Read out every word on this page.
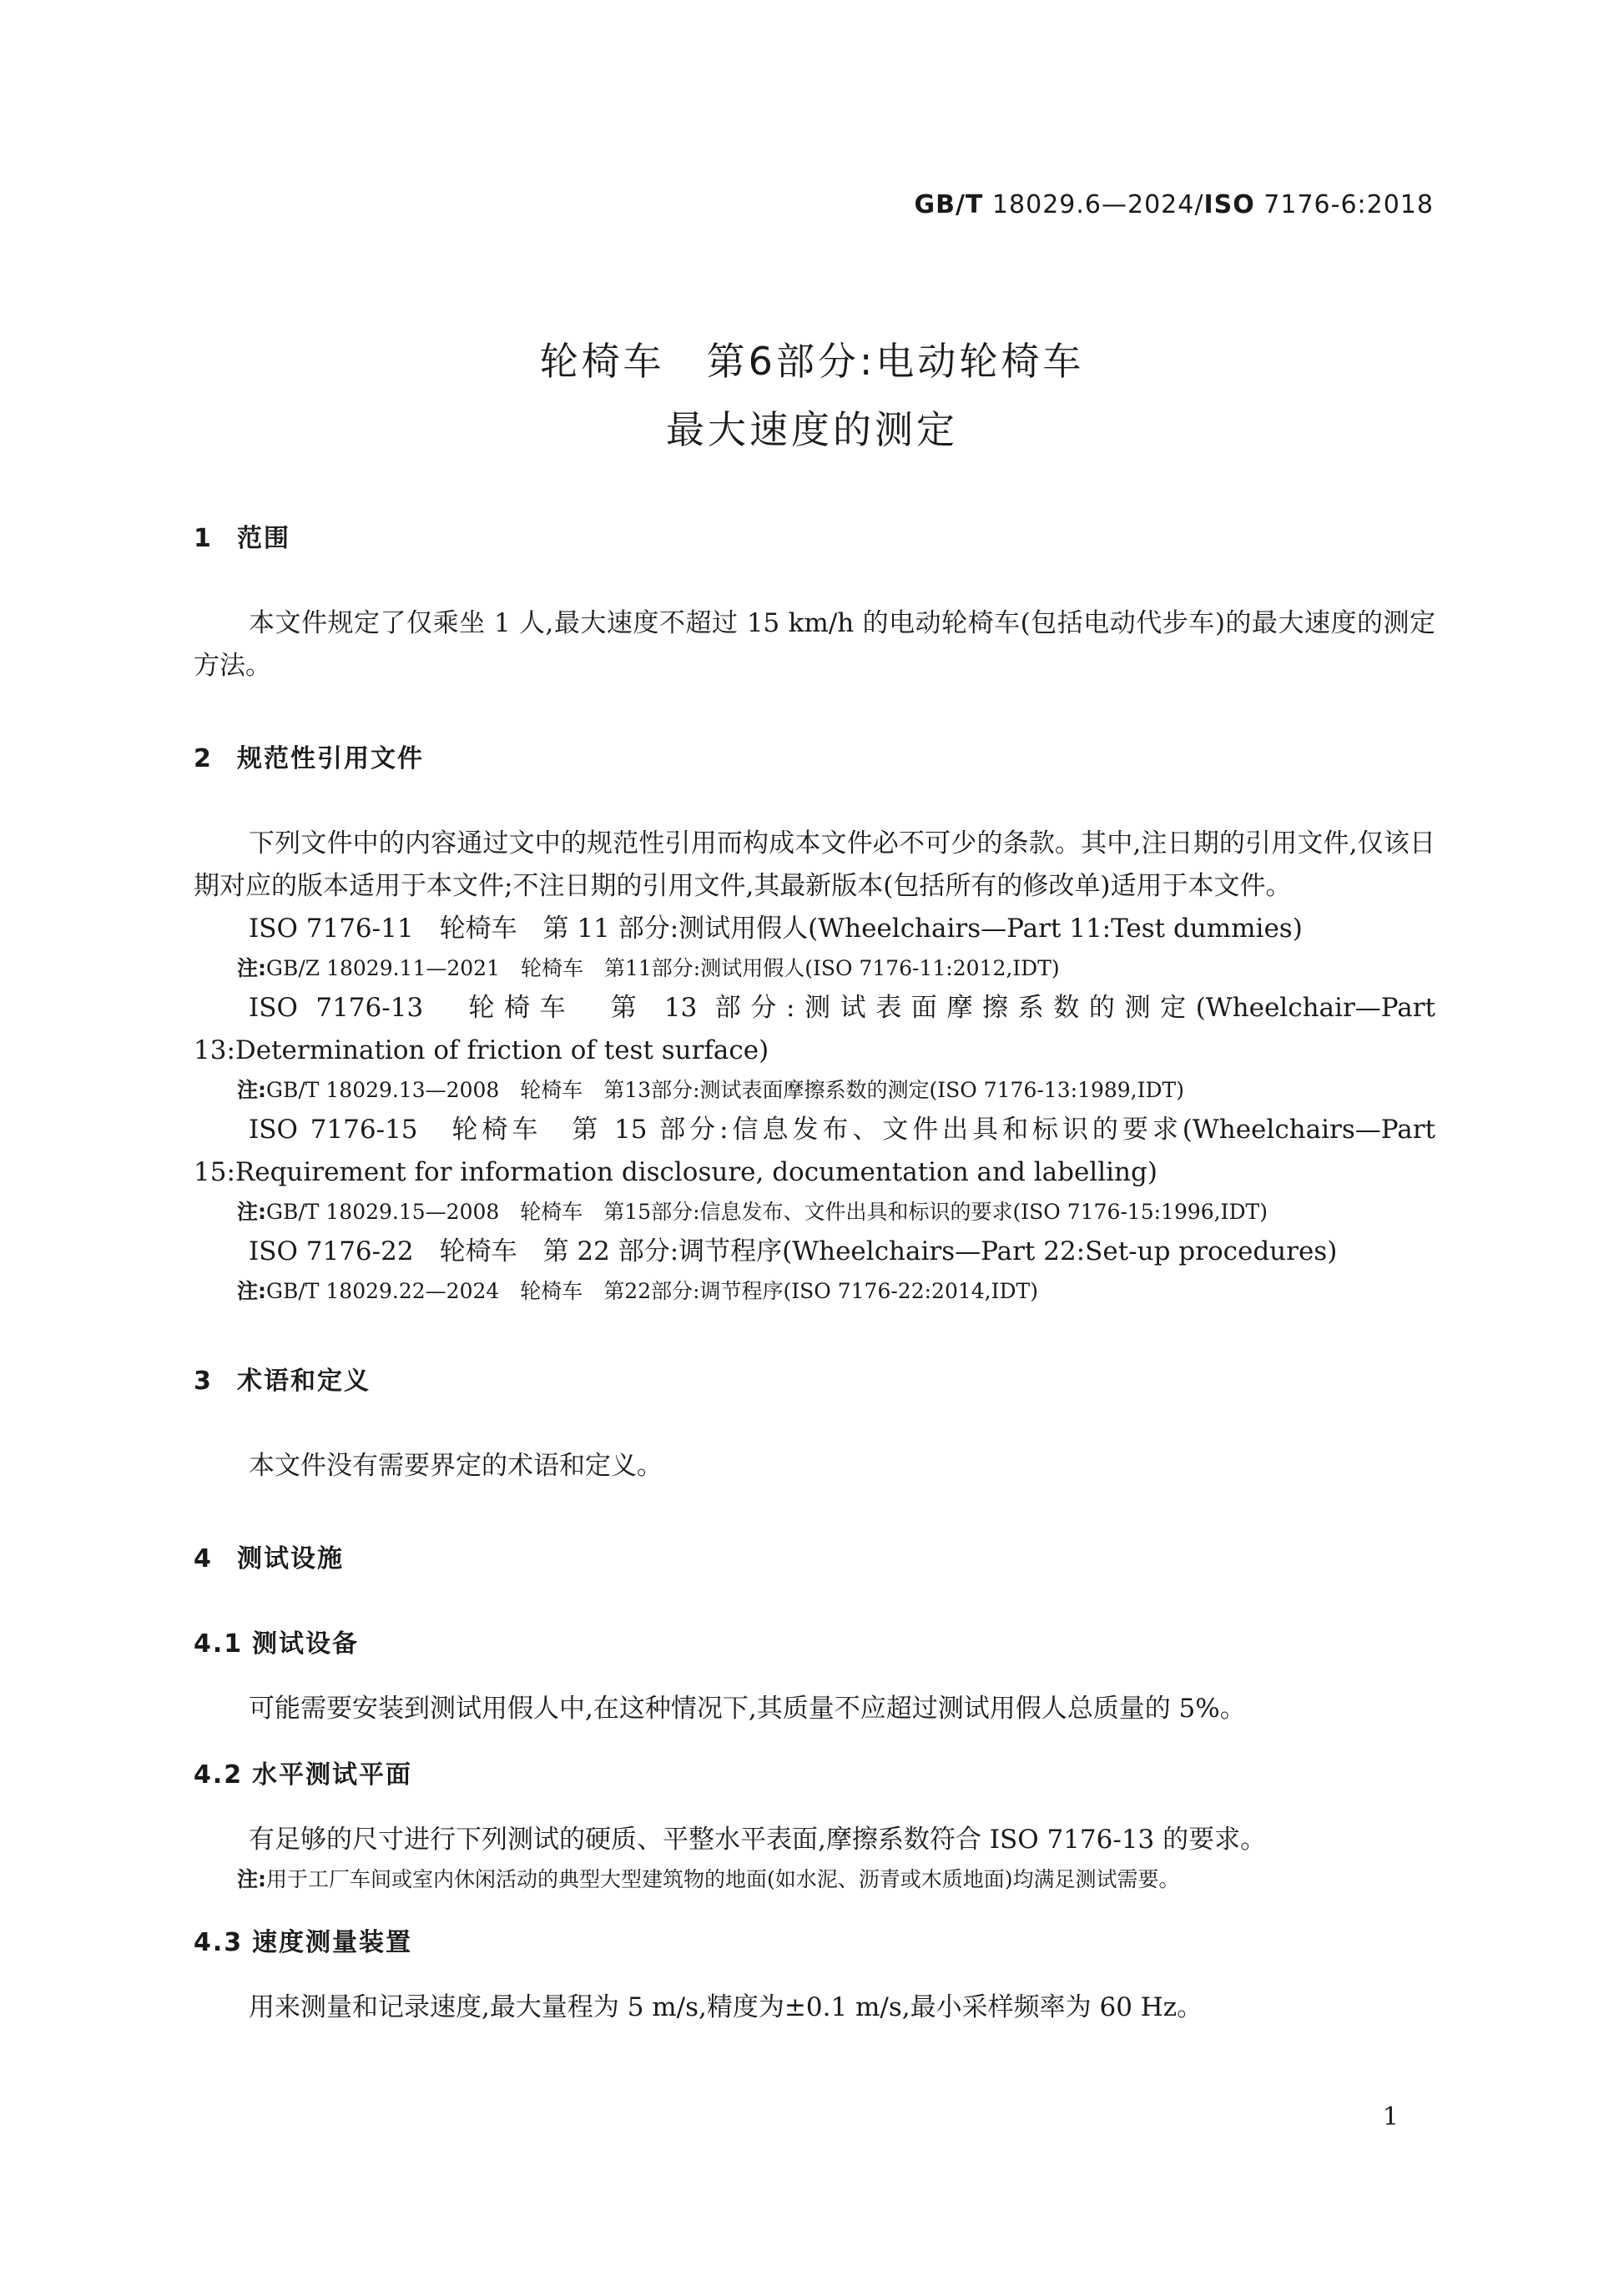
GB/T 18029.6—2024/ISO 7176-6:2018
轮椅车　第6部分:电动轮椅车
最大速度的测定
1 范围

本文件规定了仅乘坐 1 人,最大速度不超过 15 km/h 的电动轮椅车(包括电动代步车)的最大速度的测定方法。

2 规范性引用文件

下列文件中的内容通过文中的规范性引用而构成本文件必不可少的条款。其中,注日期的引用文件,仅该日期对应的版本适用于本文件;不注日期的引用文件,其最新版本(包括所有的修改单)适用于本文件。

ISO 7176-11　轮椅车　第 11 部分:测试用假人(Wheelchairs—Part 11:Test dummies)

注:GB/Z 18029.11—2021　轮椅车　第11部分:测试用假人(ISO 7176-11:2012,IDT)

ISO 7176-13　轮椅车　第 13 部分:测试表面摩擦系数的测定(Wheelchair—Part 13:Determination of friction of test surface)

注:GB/T 18029.13—2008　轮椅车　第13部分:测试表面摩擦系数的测定(ISO 7176-13:1989,IDT)

ISO 7176-15　轮椅车　第 15 部分:信息发布、文件出具和标识的要求(Wheelchairs—Part 15:Requirement for information disclosure, documentation and labelling)

注:GB/T 18029.15—2008　轮椅车　第15部分:信息发布、文件出具和标识的要求(ISO 7176-15:1996,IDT)

ISO 7176-22　轮椅车　第 22 部分:调节程序(Wheelchairs—Part 22:Set-up procedures)

注:GB/T 18029.22—2024　轮椅车　第22部分:调节程序(ISO 7176-22:2014,IDT)

3 术语和定义

本文件没有需要界定的术语和定义。

4 测试设施
4.1 测试设备

可能需要安装到测试用假人中,在这种情况下,其质量不应超过测试用假人总质量的 5%。

4.2 水平测试平面

有足够的尺寸进行下列测试的硬质、平整水平表面,摩擦系数符合 ISO 7176-13 的要求。

注:用于工厂车间或室内休闲活动的典型大型建筑物的地面(如水泥、沥青或木质地面)均满足测试需要。

4.3 速度测量装置

用来测量和记录速度,最大量程为 5 m/s,精度为±0.1 m/s,最小采样频率为 60 Hz。

1
